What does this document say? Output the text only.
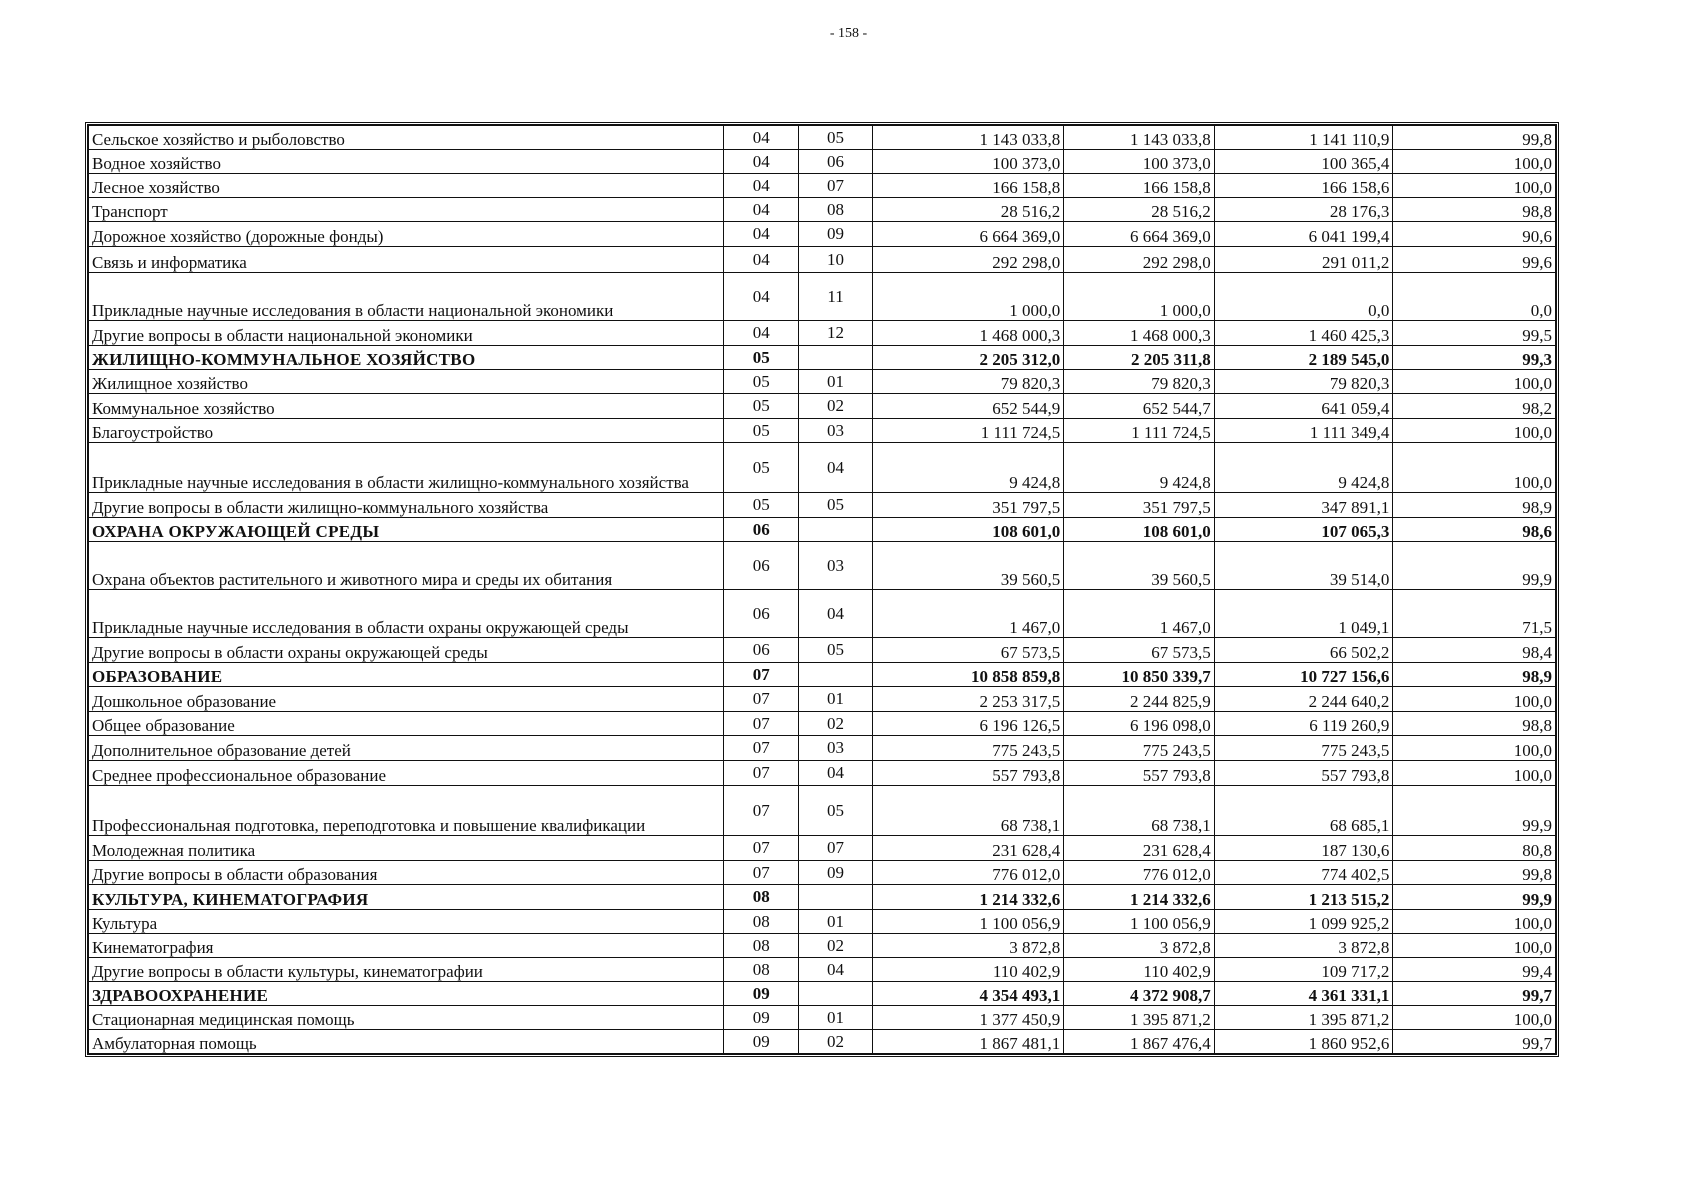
- 158 -
Сельское хозяйство и рыболовство	04	05	1 143 033,8	1 143 033,8	1 141 110,9	99,8
Водное хозяйство	04	06	100 373,0	100 373,0	100 365,4	100,0
Лесное хозяйство	04	07	166 158,8	166 158,8	166 158,6	100,0
Транспорт	04	08	28 516,2	28 516,2	28 176,3	98,8
Дорожное хозяйство (дорожные фонды)	04	09	6 664 369,0	6 664 369,0	6 041 199,4	90,6
Связь и информатика	04	10	292 298,0	292 298,0	291 011,2	99,6
Прикладные научные исследования в области национальной экономики	04	11	1 000,0	1 000,0	0,0	0,0
Другие вопросы в области национальной экономики	04	12	1 468 000,3	1 468 000,3	1 460 425,3	99,5
ЖИЛИЩНО-КОММУНАЛЬНОЕ ХОЗЯЙСТВО	05		2 205 312,0	2 205 311,8	2 189 545,0	99,3
Жилищное хозяйство	05	01	79 820,3	79 820,3	79 820,3	100,0
Коммунальное хозяйство	05	02	652 544,9	652 544,7	641 059,4	98,2
Благоустройство	05	03	1 111 724,5	1 111 724,5	1 111 349,4	100,0
Прикладные научные исследования в области жилищно-коммунального хозяйства	05	04	9 424,8	9 424,8	9 424,8	100,0
Другие вопросы в области жилищно-коммунального хозяйства	05	05	351 797,5	351 797,5	347 891,1	98,9
ОХРАНА ОКРУЖАЮЩЕЙ СРЕДЫ	06		108 601,0	108 601,0	107 065,3	98,6
Охрана объектов растительного и животного мира и среды их обитания	06	03	39 560,5	39 560,5	39 514,0	99,9
Прикладные научные исследования в области охраны окружающей среды	06	04	1 467,0	1 467,0	1 049,1	71,5
Другие вопросы в области охраны окружающей среды	06	05	67 573,5	67 573,5	66 502,2	98,4
ОБРАЗОВАНИЕ	07		10 858 859,8	10 850 339,7	10 727 156,6	98,9
Дошкольное образование	07	01	2 253 317,5	2 244 825,9	2 244 640,2	100,0
Общее образование	07	02	6 196 126,5	6 196 098,0	6 119 260,9	98,8
Дополнительное образование детей	07	03	775 243,5	775 243,5	775 243,5	100,0
Среднее профессиональное образование	07	04	557 793,8	557 793,8	557 793,8	100,0
Профессиональная подготовка, переподготовка и повышение квалификации	07	05	68 738,1	68 738,1	68 685,1	99,9
Молодежная политика	07	07	231 628,4	231 628,4	187 130,6	80,8
Другие вопросы в области образования	07	09	776 012,0	776 012,0	774 402,5	99,8
КУЛЬТУРА, КИНЕМАТОГРАФИЯ	08		1 214 332,6	1 214 332,6	1 213 515,2	99,9
Культура	08	01	1 100 056,9	1 100 056,9	1 099 925,2	100,0
Кинематография	08	02	3 872,8	3 872,8	3 872,8	100,0
Другие вопросы в области культуры, кинематографии	08	04	110 402,9	110 402,9	109 717,2	99,4
ЗДРАВООХРАНЕНИЕ	09		4 354 493,1	4 372 908,7	4 361 331,1	99,7
Стационарная медицинская помощь	09	01	1 377 450,9	1 395 871,2	1 395 871,2	100,0
Амбулаторная помощь	09	02	1 867 481,1	1 867 476,4	1 860 952,6	99,7
